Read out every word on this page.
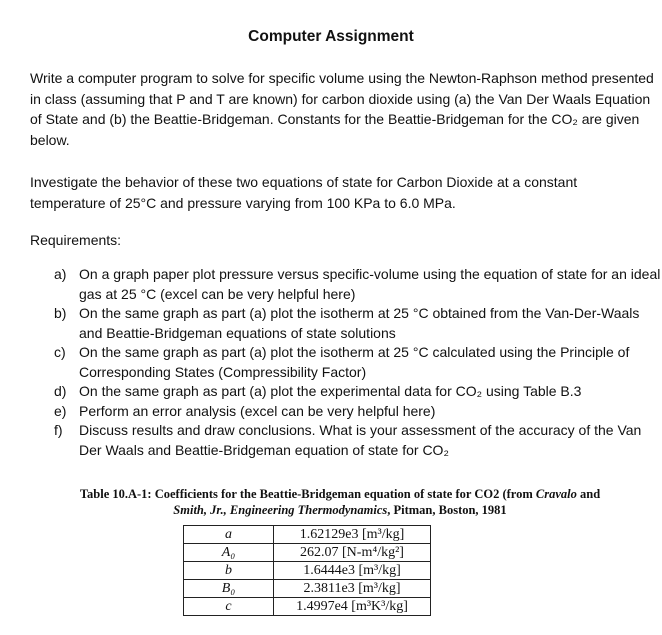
Computer Assignment

Write a computer program to solve for specific volume using the Newton-Raphson method presented in class (assuming that P and T are known) for carbon dioxide using (a) the Van Der Waals Equation of State and (b) the Beattie-Bridgeman. Constants for the Beattie-Bridgeman for the CO₂ are given below.

Investigate the behavior of these two equations of state for Carbon Dioxide at a constant temperature of 25°C and pressure varying from 100 KPa to 6.0 MPa.

Requirements:
a) On a graph paper plot pressure versus specific-volume using the equation of state for an ideal gas at 25 °C (excel can be very helpful here)
b) On the same graph as part (a) plot the isotherm at 25 °C obtained from the Van-Der-Waals and Beattie-Bridgeman equations of state solutions
c) On the same graph as part (a) plot the isotherm at 25 °C calculated using the Principle of Corresponding States (Compressibility Factor)
d) On the same graph as part (a) plot the experimental data for CO₂ using Table B.3
e) Perform an error analysis (excel can be very helpful here)
f)	Discuss results and draw conclusions. What is your assessment of the accuracy of the Van Der Waals and Beattie-Bridgeman equation of state for CO₂
Table 10.A-1: Coefficients for the Beattie-Bridgeman equation of state for CO2 (from Cravalo and
Smith, Jr., Engineering Thermodynamics, Pitman, Boston, 1981
a	1.62129e3 [m³/kg]
A₀	262.07 [N-m⁴/kg²]
b	1.6444e3 [m³/kg]
B₀	2.3811e3 [m³/kg]
c	1.4997e4 [m³K³/kg]
